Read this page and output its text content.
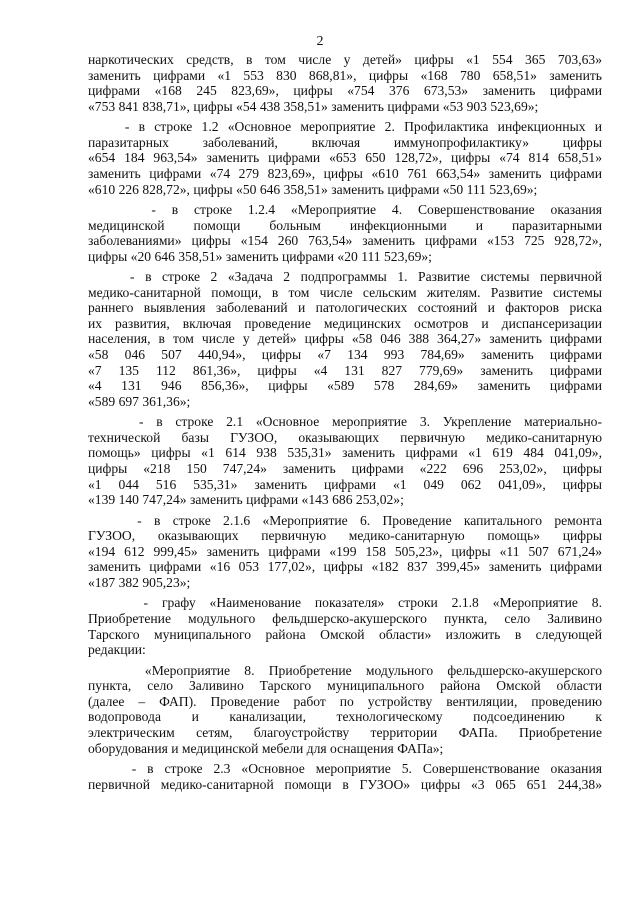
2
наркотических средств, в том числе у детей» цифры «1 554 365 703,63»
заменить цифрами «1 553 830 868,81», цифры «168 780 658,51» заменить
цифрами «168 245 823,69», цифры «754 376 673,53» заменить цифрами
«753 841 838,71», цифры «54 438 358,51» заменить цифрами «53 903 523,69»;
- в строке 1.2 «Основное мероприятие 2. Профилактика инфекционных и
паразитарных заболеваний, включая иммунопрофилактику» цифры
«654 184 963,54» заменить цифрами «653 650 128,72», цифры «74 814 658,51»
заменить цифрами «74 279 823,69», цифры «610 761 663,54» заменить цифрами
«610 226 828,72», цифры «50 646 358,51» заменить цифрами «50 111 523,69»;
- в строке 1.2.4 «Мероприятие 4. Совершенствование оказания
медицинской помощи больным инфекционными и паразитарными
заболеваниями» цифры «154 260 763,54» заменить цифрами «153 725 928,72»,
цифры «20 646 358,51» заменить цифрами «20 111 523,69»;
- в строке 2 «Задача 2 подпрограммы 1. Развитие системы первичной
медико-санитарной помощи, в том числе сельским жителям. Развитие системы
раннего выявления заболеваний и патологических состояний и факторов риска
их развития, включая проведение медицинских осмотров и диспансеризации
населения, в том числе у детей» цифры «58 046 388 364,27» заменить цифрами
«58 046 507 440,94», цифры «7 134 993 784,69» заменить цифрами
«7 135 112 861,36», цифры «4 131 827 779,69» заменить цифрами
«4 131 946 856,36», цифры «589 578 284,69» заменить цифрами
«589 697 361,36»;
- в строке 2.1 «Основное мероприятие 3. Укрепление материально-
технической базы ГУЗОО, оказывающих первичную медико-санитарную
помощь» цифры «1 614 938 535,31» заменить цифрами «1 619 484 041,09»,
цифры «218 150 747,24» заменить цифрами «222 696 253,02», цифры
«1 044 516 535,31» заменить цифрами «1 049 062 041,09», цифры
«139 140 747,24» заменить цифрами «143 686 253,02»;
- в строке 2.1.6 «Мероприятие 6. Проведение капитального ремонта
ГУЗОО, оказывающих первичную медико-санитарную помощь» цифры
«194 612 999,45» заменить цифрами «199 158 505,23», цифры «11 507 671,24»
заменить цифрами «16 053 177,02», цифры «182 837 399,45» заменить цифрами
«187 382 905,23»;
- графу «Наименование показателя» строки 2.1.8 «Мероприятие 8.
Приобретение модульного фельдшерско-акушерского пункта, село Заливино
Тарского муниципального района Омской области» изложить в следующей
редакции:
«Мероприятие 8. Приобретение модульного фельдшерско-акушерского
пункта, село Заливино Тарского муниципального района Омской области
(далее – ФАП). Проведение работ по устройству вентиляции, проведению
водопровода и канализации, технологическому подсоединению к
электрическим сетям, благоустройству территории ФАПа. Приобретение
оборудования и медицинской мебели для оснащения ФАПа»;
- в строке 2.3 «Основное мероприятие 5. Совершенствование оказания
первичной медико-санитарной помощи в ГУЗОО» цифры «3 065 651 244,38»
